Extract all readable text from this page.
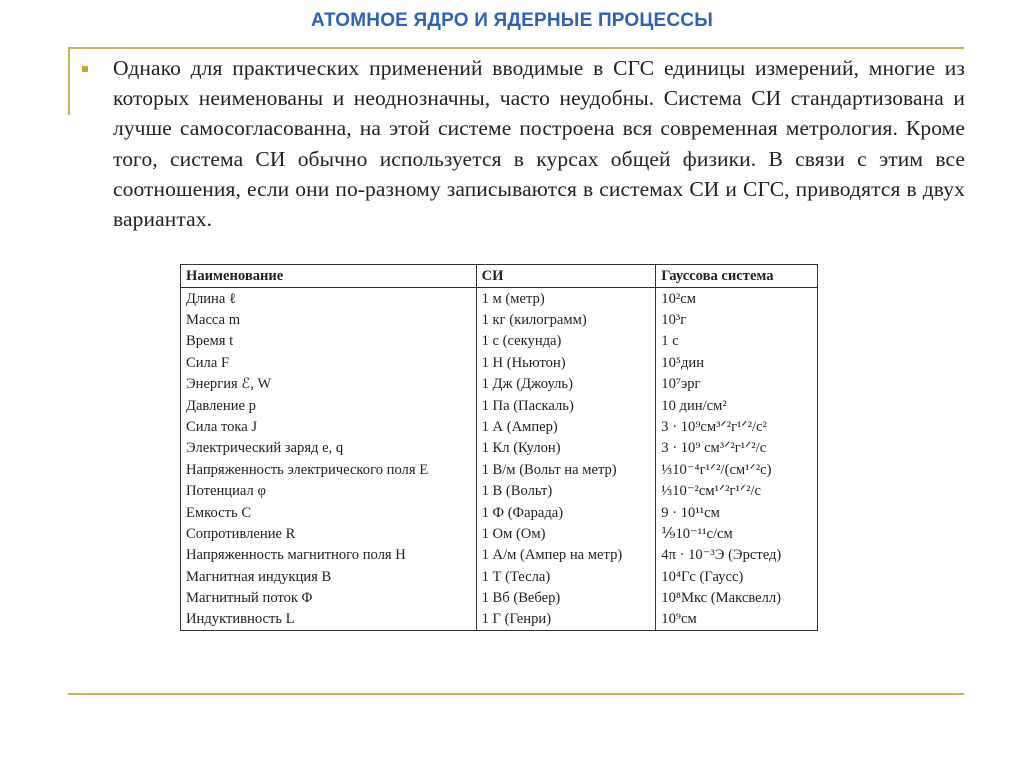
АТОМНОЕ ЯДРО И ЯДЕРНЫЕ ПРОЦЕССЫ
Однако для практических применений вводимые в СГС единицы измерений, многие из которых неименованы и неоднозначны, часто неудобны. Система СИ стандартизована и лучше самосогласованна, на этой системе построена вся современная метрология. Кроме того, система СИ обычно используется в курсах общей физики. В связи с этим все соотношения, если они по-разному записываются в системах СИ и СГС, приводятся в двух вариантах.
Наименование	СИ	Гауссова система
Длина ℓ	1 м (метр)	10²см
Масса m	1 кг (килограмм)	10³г
Время t	1 с (секунда)	1 с
Сила F	1 Н (Ньютон)	10⁵дин
Энергия ℰ, W	1 Дж (Джоуль)	10⁷эрг
Давление p	1 Па (Паскаль)	10 дин/см²
Сила тока J	1 А (Ампер)	3 · 10⁹см³ᐟ²г¹ᐟ²/с²
Электрический заряд e, q	1 Кл (Кулон)	3 · 10⁹ см³ᐟ²г¹ᐟ²/с
Напряженность электрического поля E	1 В/м (Вольт на метр)	⅓10⁻⁴г¹ᐟ²/(см¹ᐟ²с)
Потенциал φ	1 В (Вольт)	⅓10⁻²см¹ᐟ²г¹ᐟ²/с
Емкость C	1 Ф (Фарада)	9 · 10¹¹см
Сопротивление R	1 Ом (Ом)	⅑10⁻¹¹с/см
Напряженность магнитного поля H	1 А/м (Ампер на метр)	4π · 10⁻³Э (Эрстед)
Магнитная индукция B	1 Т (Тесла)	10⁴Гс (Гаусс)
Магнитный поток Φ	1 Вб (Вебер)	10⁸Мкс (Максвелл)
Индуктивность L	1 Г (Генри)	10⁹см
